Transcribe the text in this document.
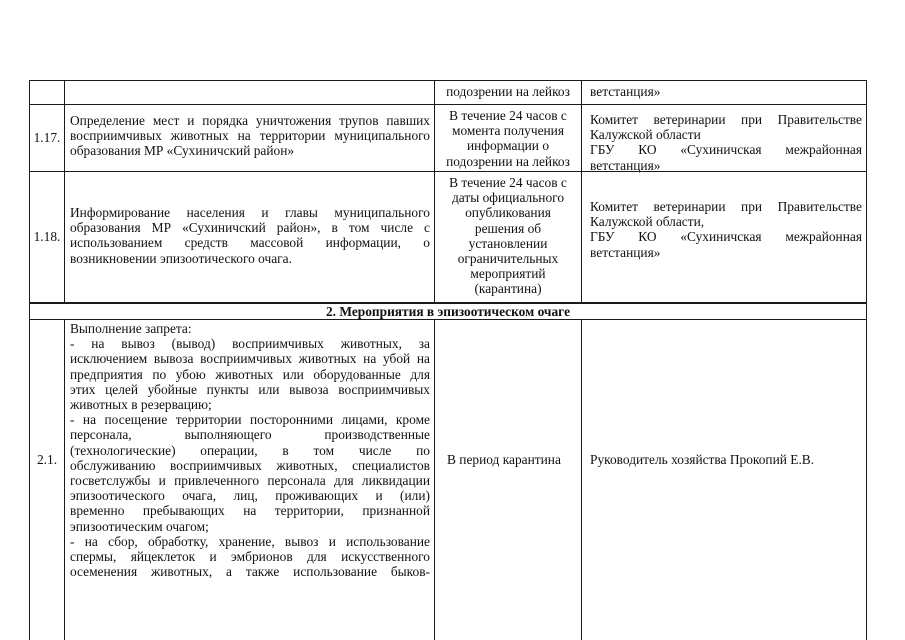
подозрении на лейкоз	ветстанция»
1.17.
Определение мест и порядка уничтожения трупов павших
восприимчивых животных на территории муниципального
образования МР «Сухиничский район»
В течение 24 часов с
момента получения
информации о
подозрении на лейкоз
Комитет ветеринарии при Правительстве
Калужской области
ГБУ КО «Сухиничская межрайонная
ветстанция»
1.18.
Информирование населения и главы муниципального
образования МР «Сухиничский район», в том числе с
использованием средств массовой информации, о
возникновении эпизоотического очага.
В течение 24 часов с
даты официального
опубликования
решения об
установлении
ограничительных
мероприятий
(карантина)
Комитет ветеринарии при Правительстве
Калужской области,
ГБУ КО «Сухиничская межрайонная
ветстанция»
2. Мероприятия в эпизоотическом очаге
2.1.
Выполнение запрета:
- на вывоз (вывод) восприимчивых животных, за
исключением вывоза восприимчивых животных на убой на
предприятия по убою животных или оборудованные для
этих целей убойные пункты или вывоза восприимчивых
животных в резервацию;
- на посещение территории посторонними лицами, кроме
персонала, выполняющего производственные
(технологические) операции, в том числе по
обслуживанию восприимчивых животных, специалистов
госветслужбы и привлеченного персонала для ликвидации
эпизоотического очага, лиц, проживающих и (или)
временно пребывающих на территории, признанной
эпизоотическим очагом;
- на сбор, обработку, хранение, вывоз и использование
спермы, яйцеклеток и эмбрионов для искусственного
осеменения животных, а также использование быков-
В период карантина	Руководитель хозяйства Прокопий Е.В.
